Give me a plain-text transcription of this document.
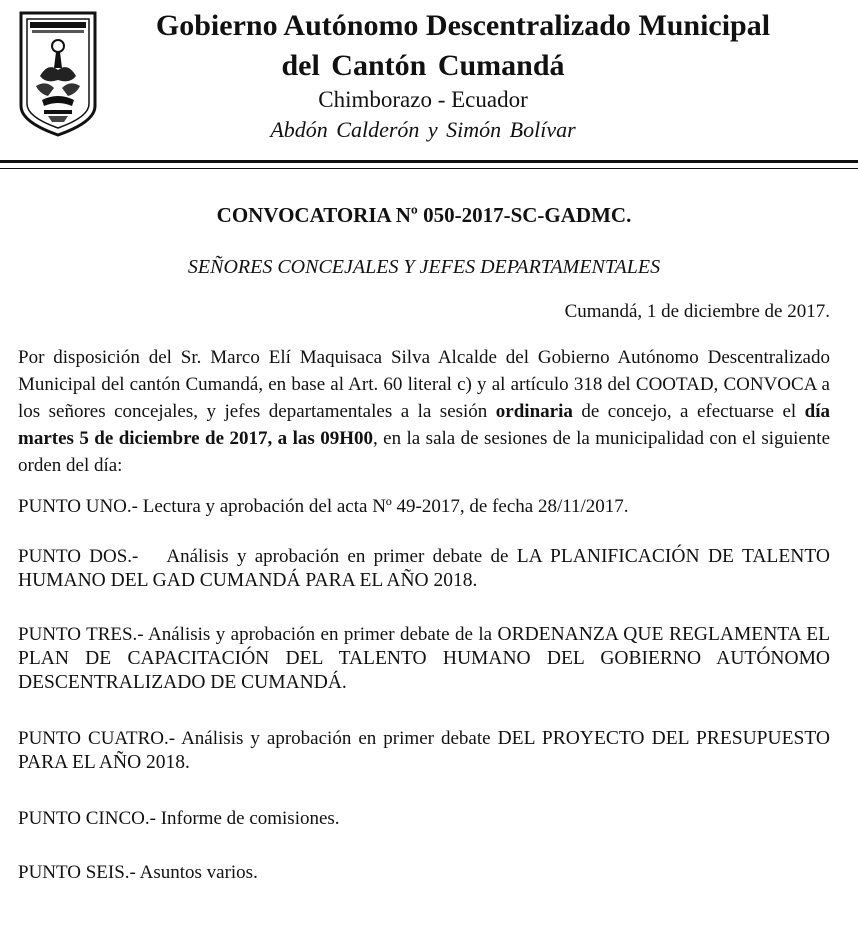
Gobierno Autónomo Descentralizado Municipal
del Cantón Cumandá
Chimborazo - Ecuador
Abdón Calderón y Simón Bolívar

CONVOCATORIA Nº 050-2017-SC-GADMC.

SEÑORES CONCEJALES Y JEFES DEPARTAMENTALES

Cumandá, 1 de diciembre de 2017.

Por disposición del Sr. Marco Elí Maquisaca Silva Alcalde del Gobierno Autónomo Descentralizado Municipal del cantón Cumandá, en base al Art. 60 literal c) y al artículo 318 del COOTAD, CONVOCA a los señores concejales, y jefes departamentales a la sesión ordinaria de concejo, a efectuarse el día martes 5 de diciembre de 2017, a las 09H00, en la sala de sesiones de la municipalidad con el siguiente orden del día:

PUNTO UNO.- Lectura y aprobación del acta Nº 49-2017, de fecha 28/11/2017.

PUNTO DOS.- Análisis y aprobación en primer debate de LA PLANIFICACIÓN DE TALENTO HUMANO DEL GAD CUMANDÁ PARA EL AÑO 2018.

PUNTO TRES.- Análisis y aprobación en primer debate de la ORDENANZA QUE REGLAMENTA EL PLAN DE CAPACITACIÓN DEL TALENTO HUMANO DEL GOBIERNO AUTÓNOMO DESCENTRALIZADO DE CUMANDÁ.

PUNTO CUATRO.- Análisis y aprobación en primer debate DEL PROYECTO DEL PRESUPUESTO PARA EL AÑO 2018.

PUNTO CINCO.- Informe de comisiones.

PUNTO SEIS.- Asuntos varios.
